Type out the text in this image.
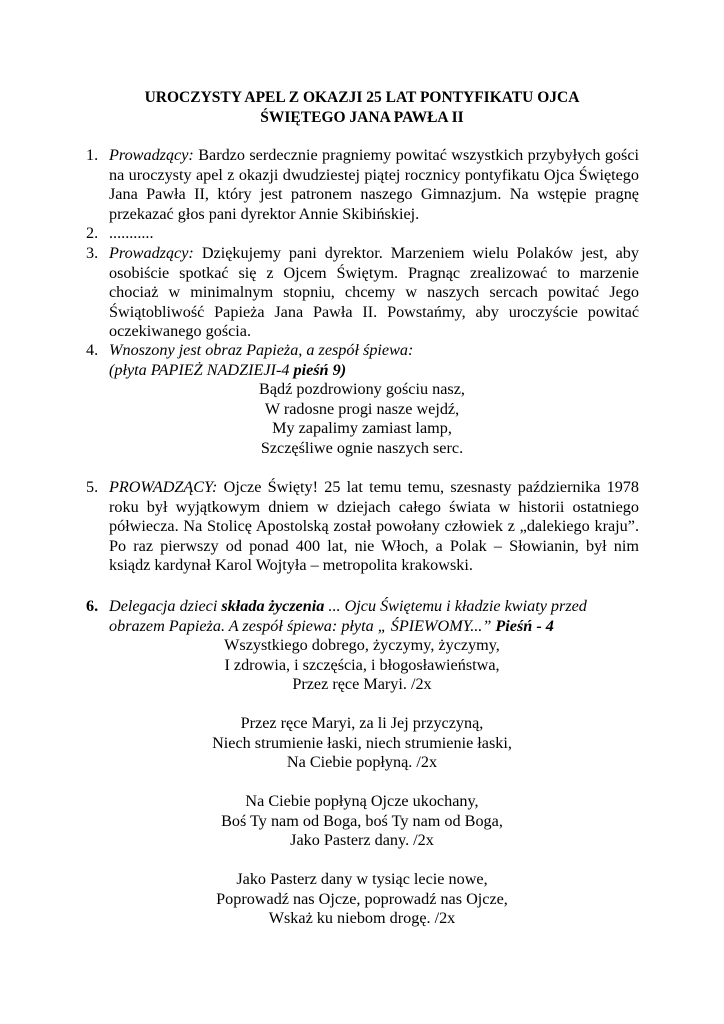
UROCZYSTY APEL Z OKAZJI 25 LAT PONTYFIKATU OJCA
ŚWIĘTEGO JANA PAWŁA II
1. Prowadzący: Bardzo serdecznie pragniemy powitać wszystkich przybyłych gości na uroczysty apel z okazji dwudziestej piątej rocznicy pontyfikatu Ojca Świętego Jana Pawła II, który jest patronem naszego Gimnazjum. Na wstępie pragnę przekazać głos pani dyrektor Annie Skibińskiej.
2. ...........
3. Prowadzący: Dziękujemy pani dyrektor. Marzeniem wielu Polaków jest, aby osobiście spotkać się z Ojcem Świętym. Pragnąc zrealizować to marzenie chociaż w minimalnym stopniu, chcemy w naszych sercach powitać Jego Świątobliwość Papieża Jana Pawła II. Powstańmy, aby uroczyście powitać oczekiwanego gościa.
4. Wnoszony jest obraz Papieża, a zespół śpiewa:
(płyta PAPIEŻ NADZIEJI-4 pieśń 9)
Bądź pozdrowiony gościu nasz,
W radosne progi nasze wejdź,
My zapalimy zamiast lamp,
Szczęśliwe ognie naszych serc.
5. PROWADZĄCY: Ojcze Święty! 25 lat temu temu, szesnasty października 1978 roku był wyjątkowym dniem w dziejach całego świata w historii ostatniego półwiecza. Na Stolicę Apostolską został powołany człowiek z „dalekiego kraju”. Po raz pierwszy od ponad 400 lat, nie Włoch, a Polak – Słowianin, był nim ksiądz kardynał Karol Wojtyła – metropolita krakowski.
6. Delegacja dzieci składa życzenia ... Ojcu Świętemu i kładzie kwiaty przed
obrazem Papieża. A zespół śpiewa: płyta „ ŚPIEWOMY...” Pieśń - 4
Wszystkiego dobrego, życzymy, życzymy,
I zdrowia, i szczęścia, i błogosławieństwa,
Przez ręce Maryi. /2x
Przez ręce Maryi, za li Jej przyczyną,
Niech strumienie łaski, niech strumienie łaski,
Na Ciebie popłyną. /2x
Na Ciebie popłyną Ojcze ukochany,
Boś Ty nam od Boga, boś Ty nam od Boga,
Jako Pasterz dany. /2x
Jako Pasterz dany w tysiąc lecie nowe,
Poprowadź nas Ojcze, poprowadź nas Ojcze,
Wskaż ku niebom drogę. /2x
